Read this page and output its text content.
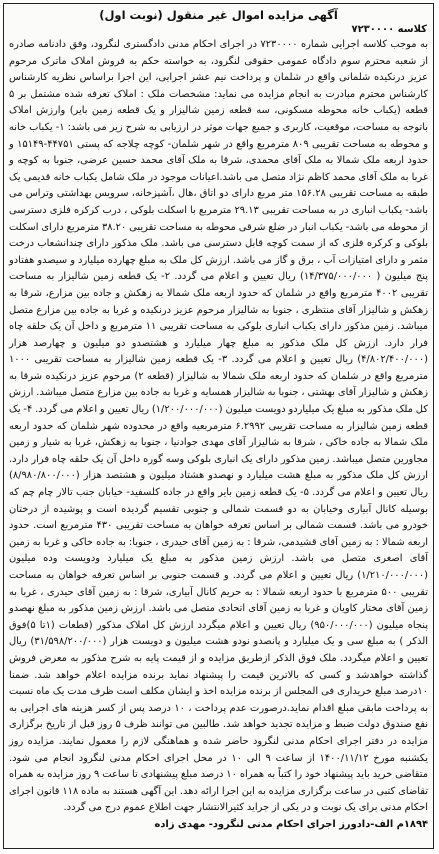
آگهی مزایده اموال غیر منقول (نوبت اول)
کلاسه ۷۲۳۰۰۰۰

به موجب کلاسه اجرایی شماره ۷۲۳۰۰۰۰ در اجرای احکام مدنی دادگستری لنگرود، وفق دادنامه صادره از شعبه محترم سوم دادگاه عمومی حقوقی لنگرود، به خواسته حکم به فروش املاک ماترک مرحوم عزیز درنکیده شلمانی واقع در شلمان و پرداخت نیم عشر اجرایی، این اجرا براساس نظریه کارشناس کارشناس محترم مبادرت به انجام مزایده می نماید: مشخصات ملک : املاک تعرفه شده مشتمل بر ۵ قطعه (یکباب خانه محوطه مسکونی، سه قطعه زمین شالیزار و یک قطعه زمین بایر) وارزش املاک باتوجه به مساحت، موقعیت، کاربری و جمیع جهات موثر در ارزیابی به شرح زیر می باشد: ۱- یکباب خانه و محوطه به مساحت تقریبی ۸۰۹ مترمربع واقع در شهر شلمان- کوچه چلاجه که پستی ۴۴۷۵۱-۱۵۱۴۹ و حدود اربعه ملک شمالا به ملک آقای محمدی، شرقا به ملک آقای محمد حسین عرضی، جنوبا به کوچه و غربا به ملک آقای محمد کاظم نژاد متصل می باشد.اعیانات موجود در ملک شامل یکباب خانه قدیمی یک طبقه به مساحت تقریبی ۱۵۶.۲۸ متر مربع دارای دو اتاق ،هال ،آشپزخانه، سرویس بهداشتی وتراس می باشد- یکباب انباری در به مساحت تقریبی ۲۹.۱۳ مترمربع با اسکلت بلوکی ، درب کرکره فلزی دسترسی از محوطه می باشد- یکباب انبار در ضلع شرقی محوطه به مساحت تقریبی ۳۸.۲۰ مترمربع دارای اسکلت بلوکی و کرکره فلزی که از سمت کوچه قابل دسترسی می باشد. ملک مذکور دارای چندانشعاب درخت مثمر و دارای امتیازات آب ، برق و گاز می باشد. ارزش کل ملک به مبلغ چهارده میلیارد و سیصدو هفتادو پنج میلیون ( ۱۴/۳۷۵/۰۰۰/۰۰۰) ریال تعیین و اعلام می گردد. ۲- یک قطعه زمین شالیزار به مساحت تقریبی ۴۰۰۲ مترمربع واقع در شلمان که حدود اربعه ملک شمالا به زهکش و جاده بین مزارع، شرقا به زهکش و شالیزار آقای منتظری ، جنوبا به شالیزار مرحوم عزیز درنکیده و غربا به جاده بین مزارع متصل میباشد. زمین مذکور دارای یکباب انباری بلوکی به مساحت تقریبی ۱۱ مترمربع و داخل آن یک حلقه چاه فرار دارد. ارزش کل ملک مذکور به مبلغ چهار میلیارد و هشتصدو دو میلیون و چهارصد هزار (۴/۸۰۲/۴۰۰/۰۰۰) ریال تعیین و اعلام می گردد. ۳- یک قطعه زمین شالیزار به مساحت تقریبی ۱۰۰۰ مترمربع واقع در شلمان که حدود اربعه ملک شمالا به شالیزار (قطعه ۲) مرحوم عزیز درنکیده شرقا به زهکش و شالیزار آقای بهشتی ، جنوبا به شالیزار همسایه و غربا به جاده بین مزارع متصل میباشد. ارزش کل ملک مذکور به مبلغ یک میلیاردو دویست میلیون (۱/۲۰۰/۰۰۰/۰۰۰) ریال تعیین و اعلام می گردد. ۴- یک قطعه زمین شالیزار به مساحت تقریبی ۶.۲۹۹۲ مترمربعیه واقع در محدوده شهر شلمان که حدود اربعه ملک شمالا به جاده خاکی ، شرقا به شالیزار آقای مهدی جوادنیا ، جنوبا به زهکش، غربا به شیار و زمین مجاورین متصل میباشد. زمین مذکور دارای یک انباری بلوکی وسه گوره داخل آن یک حلقه چاه فرار دارد. ارزش کل ملک مذکور به مبلغ هشت میلیارد و نهصدو هشتاد میلیون و هشتصد هزار (۸/۹۸۰/۸۰۰/۰۰۰) ریال تعیین و اعلام می گردد. ۵- یک قطعه زمین بایر واقع در جاده کلسفید- خیابان جنب تالار چام چم که بوسیله کانال آبیاری وخیابان به دو قسمت شمالی و جنوبی تقسیم گردیده است و پوشیده از درختان خودرو می باشد. قسمت شمالی بر اساس تعرفه خواهان به مساحت تقریبی ۴۳۰ مترمربع است. حدود اربعه شمالا : به زمین آقای قشیدمی، شرقا : به زمین آقای حیدری ، جنوبا: به جاده خاکی و غربا به زمین آقای اصغری متصل می باشد. ارزش زمین مذکور به مبلغ یک میلیارد ودویست وده میلیون (۱/۲۱۰/۰۰۰/۰۰۰) ریال تعیین و اعلام می گردد. و قسمت جنوبی بر اساس تعرفه خواهان به مساحت تقریبی ۵۰۰ مترمربع با حدود اربعه شمالا : به حریم کانال آبیاری، شرقا : به زمین آقای حیدری ، غربا به زمین آقای مختار کاویان و غربا به زمین آقای اتحادی متصل می باشد. ارزش زمین مذکور به مبلغ نهصدو پنجاه میلیون (۹۵۰/۰۰۰/۰۰۰) ریال تعیین و اعلام میگردد ارزش کل املاک مذکور (قطعات (۱تا ۵)فوق الذکر ) به مبلغ سی و یک میلیارد و پانصدو نودو هشت میلیون و دویست هزار (۳۱/۵۹۸/۲۰۰/۰۰۰) ریال تعیین و اعلام میگردد. ملک فوق الذکر ازطریق مزایده و از قیمت پایه به شرح مذکور به معرض فروش گذاشته خواهدشد و کسی که بالاترین قیمت را پیشنهاد نماید برنده مزایده اعلام خواهد شد. ضمنا ۱۰درصد مبلغ خریداری فی المجلس از برنده مزایده اخذ و ایشان مکلف است ظرف مدت یک ماه نسبت به پرداخت مابقی مبلغ اقدام نماید.درصورت عدم پرداخت ، ۱۰ درصد پس از کسر هزینه های اجرایی به نفع صندوق دولت ضبط و مزایده تجدید خواهد شد. طالبین می توانند ظرف ۵ روز قبل از تاریخ برگزاری مزایده در دفتر اجرای احکام مدنی لنگرود حاضر شده و هماهنگی لازم را معمول نمایند. مزایده روز یکشنبه مورخ ۱۴۰۰/۱۱/۱۲ از ساعت ۹ الی ۱۰ در محل اجرای احکام مدنی لنگرود انجام می شود. متقاضی خرید باید پیشنهاد خود را کتباً به همراه ۱۰ درصد مبلغ پیشنهادی تا ساعت ۹ روز مزایده به همراه تقاضای کتبی در ساعت برگزاری مزایده به این اجرا ارائه دهد. این آگهی هستند به ماده ۱۱۸ قانون اجرای احکام مدنی برای یک نوبت و در یکی از جراید کثیرالانتشار جهت اطلاع عموم درج می گردد.

۱۸۹۴م الف-دادورز اجرای احکام مدنی لنگرود- مهدی زاده
